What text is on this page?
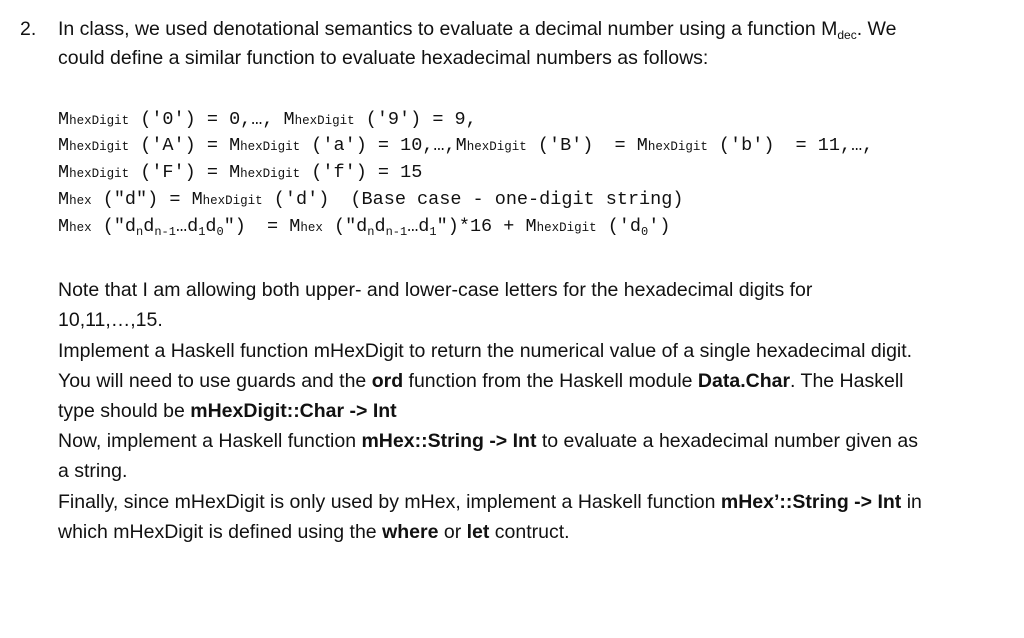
2. In class, we used denotational semantics to evaluate a decimal number using a function $M_{dec}$. We
could define a similar function to evaluate hexadecimal numbers as follows:
MhexDigit ('0') = 0,…, MhexDigit ('9') = 9,
MhexDigit ('A') = MhexDigit ('a') = 10,…,MhexDigit ('B') = MhexDigit ('b') = 11,…,
MhexDigit ('F') = MhexDigit ('f') = 15
Mhex ("d") = MhexDigit ('d') (Base case - one-digit string)
Mhex $("d_nd_{n-1}\dots d_1d_0")$ = Mhex $("d_nd_{n-1}\dots d_1")*16$ + MhexDigit $('d_0')$
Note that I am allowing both upper- and lower-case letters for the hexadecimal digits for
10,11,…,15.
Implement a Haskell function mHexDigit to return the numerical value of a single hexadecimal digit.
You will need to use guards and the ord function from the Haskell module Data.Char. The Haskell
type should be mHexDigit::Char -> Int
Now, implement a Haskell function mHex::String -> Int to evaluate a hexadecimal number given as
a string.
Finally, since mHexDigit is only used by mHex, implement a Haskell function mHex’::String -> Int in
which mHexDigit is defined using the where or let contruct.
